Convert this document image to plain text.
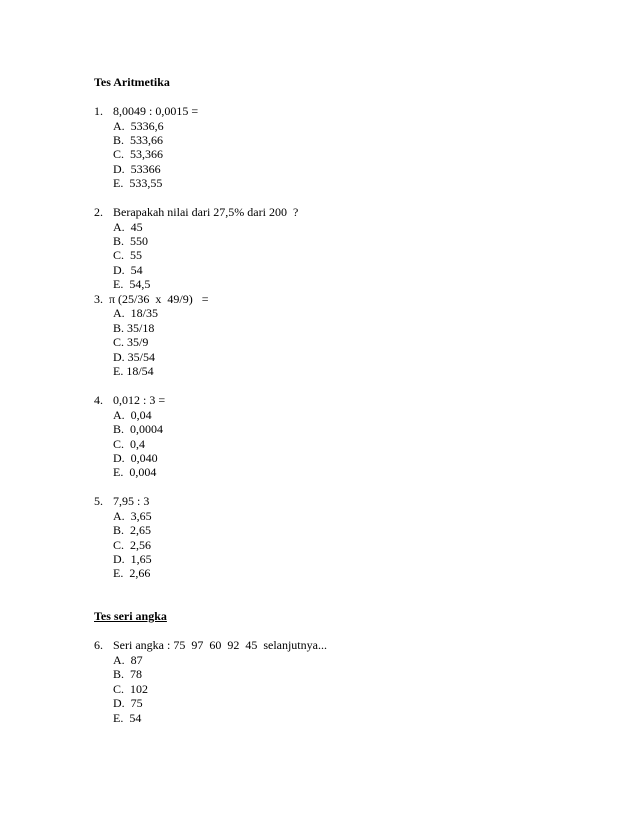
Tes Aritmetika
1. 8,0049 : 0,0015 =
A.  5336,6
B.  533,66
C.  53,366
D.  53366
E.  533,55
2. Berapakah nilai dari 27,5% dari 200  ?
A.  45
B.  550
C.  55
D.  54
E.  54,5
3. π (25/36  x  49/9)   =
A.  18/35
B. 35/18
C. 35/9
D. 35/54
E. 18/54
4. 0,012 : 3 =
A.  0,04
B.  0,0004
C.  0,4
D.  0,040
E.  0,004
5. 7,95 : 3
A.  3,65
B.  2,65
C.  2,56
D.  1,65
E.  2,66
Tes seri angka
6. Seri angka : 75  97  60  92  45  selanjutnya...
A.  87
B.  78
C.  102
D.  75
E.  54
